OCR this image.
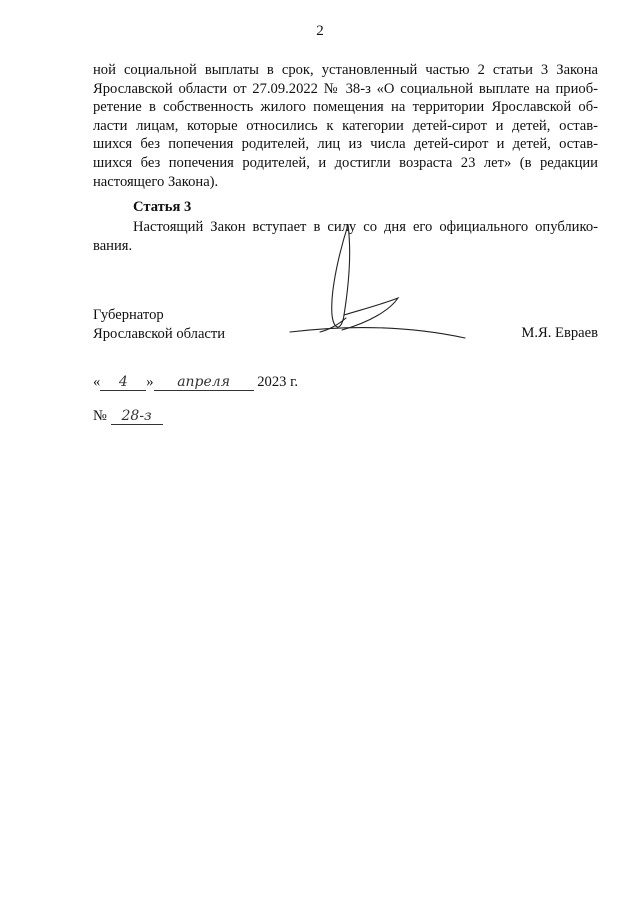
2
ной социальной выплаты в срок, установленный частью 2 статьи 3 Закона
Ярославской области от 27.09.2022 № 38-з «О социальной выплате на приоб-
ретение в собственность жилого помещения на территории Ярославской об-
ласти лицам, которые относились к категории детей-сирот и детей, остав-
шихся без попечения родителей, лиц из числа детей-сирот и детей, остав-
шихся без попечения родителей, и достигли возраста 23 лет» (в редакции
настоящего Закона).
Статья 3
Настоящий Закон вступает в силу со дня его официального опублико-
вания.
Губернатор
Ярославской области	М.Я. Евраев
« 4 » апреля 2023 г.
№ 28-з
